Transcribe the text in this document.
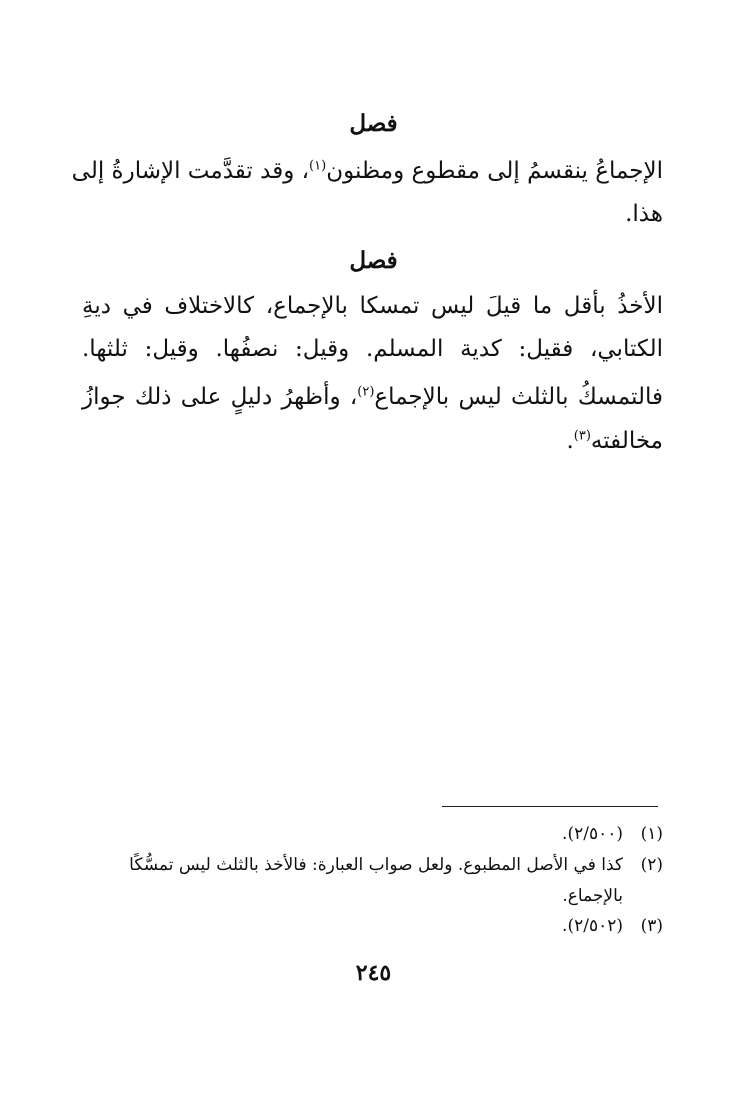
فصل
الإجماعُ ينقسمُ إلى مقطوع ومظنون$^{(١)}$، وقد تقدَّمت الإشارةُ إلى
هذا.
فصل
الأخذُ بأقل ما قيلَ ليس تمسكا بالإجماع، كالاختلاف في ديةِ
الكتابي، فقيل: كدية المسلم. وقيل: نصفُها. وقيل: ثلثها.
فالتمسكُ بالثلث ليس بالإجماع$^{(٢)}$، وأظهرُ دليلٍ على ذلك جوازُ
مخالفته$^{(٣)}$.
(١)(٢/٥٠٠).
(٢)كذا في الأصل المطبوع. ولعل صواب العبارة: فالأخذ بالثلث ليس تمسُّكًا
بالإجماع.
(٣)(٢/٥٠٢).
٢٤٥
